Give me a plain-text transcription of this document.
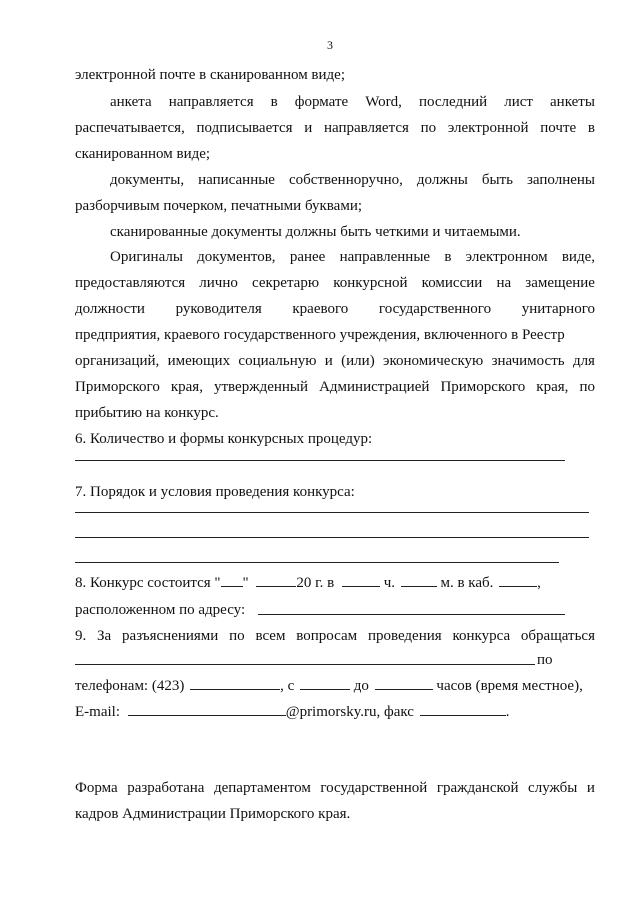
3
электронной почте в сканированном виде;
анкета направляется в формате Word, последний лист анкеты
распечатывается, подписывается и направляется по электронной почте в
сканированном виде;
документы, написанные собственноручно, должны быть заполнены
разборчивым почерком, печатными буквами;
сканированные документы должны быть четкими и читаемыми.
Оригиналы документов, ранее направленные в электронном виде,
предоставляются лично секретарю конкурсной комиссии на замещение
должности руководителя краевого государственного унитарного
предприятия, краевого государственного учреждения, включенного в Реестр
организаций, имеющих социальную и (или) экономическую значимость для
Приморского края, утвержденный Администрацией Приморского края, по
прибытию на конкурс.
6. Количество и формы конкурсных процедур:
7. Порядок и условия проведения конкурса:
8. Конкурс состоится " "	20 г. в	ч.	м. в каб.	,
расположенном по адресу:
9. За разъяснениями по всем вопросам проведения конкурса обращаться
по
телефонам: (423)	, с	до	часов (время местное),
E-mail:	@primorsky.ru, факс	.
Форма разработана департаментом государственной гражданской службы и
кадров Администрации Приморского края.
